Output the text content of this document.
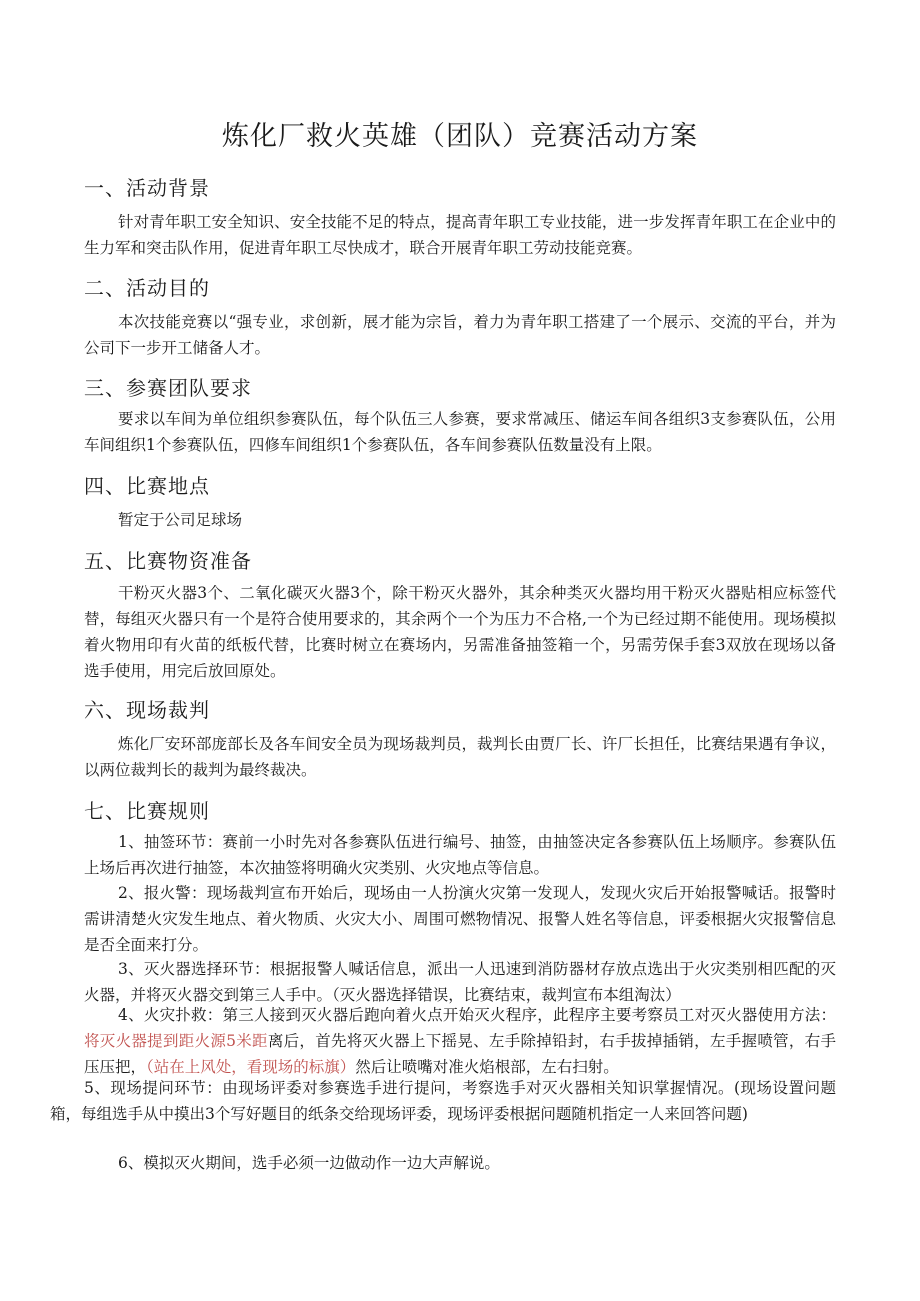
炼化厂救火英雄（团队）竞赛活动方案
一、活动背景

针对青年职工安全知识、安全技能不足的特点，提高青年职工专业技能，进一步发挥青年职工在企业中的生力军和突击队作用，促进青年职工尽快成才，联合开展青年职工劳动技能竞赛。

二、活动目的

本次技能竞赛以“强专业，求创新，展才能为宗旨，着力为青年职工搭建了一个展示、交流的平台，并为公司下一步开工储备人才。

三、参赛团队要求

要求以车间为单位组织参赛队伍，每个队伍三人参赛，要求常减压、储运车间各组织3支参赛队伍，公用车间组织1个参赛队伍，四修车间组织1个参赛队伍，各车间参赛队伍数量没有上限。

四、比赛地点

暂定于公司足球场

五、比赛物资准备

干粉灭火器3个、二氧化碳灭火器3个，除干粉灭火器外，其余种类灭火器均用干粉灭火器贴相应标签代替，每组灭火器只有一个是符合使用要求的，其余两个一个为压力不合格,一个为已经过期不能使用。现场模拟着火物用印有火苗的纸板代替，比赛时树立在赛场内，另需准备抽签箱一个，另需劳保手套3双放在现场以备选手使用，用完后放回原处。

六、现场裁判

炼化厂安环部庞部长及各车间安全员为现场裁判员，裁判长由贾厂长、许厂长担任，比赛结果遇有争议，以两位裁判长的裁判为最终裁决。

七、比赛规则

1、抽签环节：赛前一小时先对各参赛队伍进行编号、抽签，由抽签决定各参赛队伍上场顺序。参赛队伍上场后再次进行抽签，本次抽签将明确火灾类别、火灾地点等信息。

2、报火警：现场裁判宣布开始后，现场由一人扮演火灾第一发现人，发现火灾后开始报警喊话。报警时需讲清楚火灾发生地点、着火物质、火灾大小、周围可燃物情况、报警人姓名等信息，评委根据火灾报警信息是否全面来打分。

3、灭火器选择环节：根据报警人喊话信息，派出一人迅速到消防器材存放点选出于火灾类别相匹配的灭火器，并将灭火器交到第三人手中。（灭火器选择错误，比赛结束，裁判宣布本组淘汰）

4、火灾扑救：第三人接到灭火器后跑向着火点开始灭火程序，此程序主要考察员工对灭火器使用方法：将灭火器提到距火源5米距离后，首先将灭火器上下摇晃、左手除掉铅封，右手拔掉插销，左手握喷管，右手压压把，（站在上风处，看现场的标旗）然后让喷嘴对准火焰根部，左右扫射。

5、现场提问环节：由现场评委对参赛选手进行提问，考察选手对灭火器相关知识掌握情况。(现场设置问题箱，每组选手从中摸出3个写好题目的纸条交给现场评委，现场评委根据问题随机指定一人来回答问题)

6、模拟灭火期间，选手必须一边做动作一边大声解说。
